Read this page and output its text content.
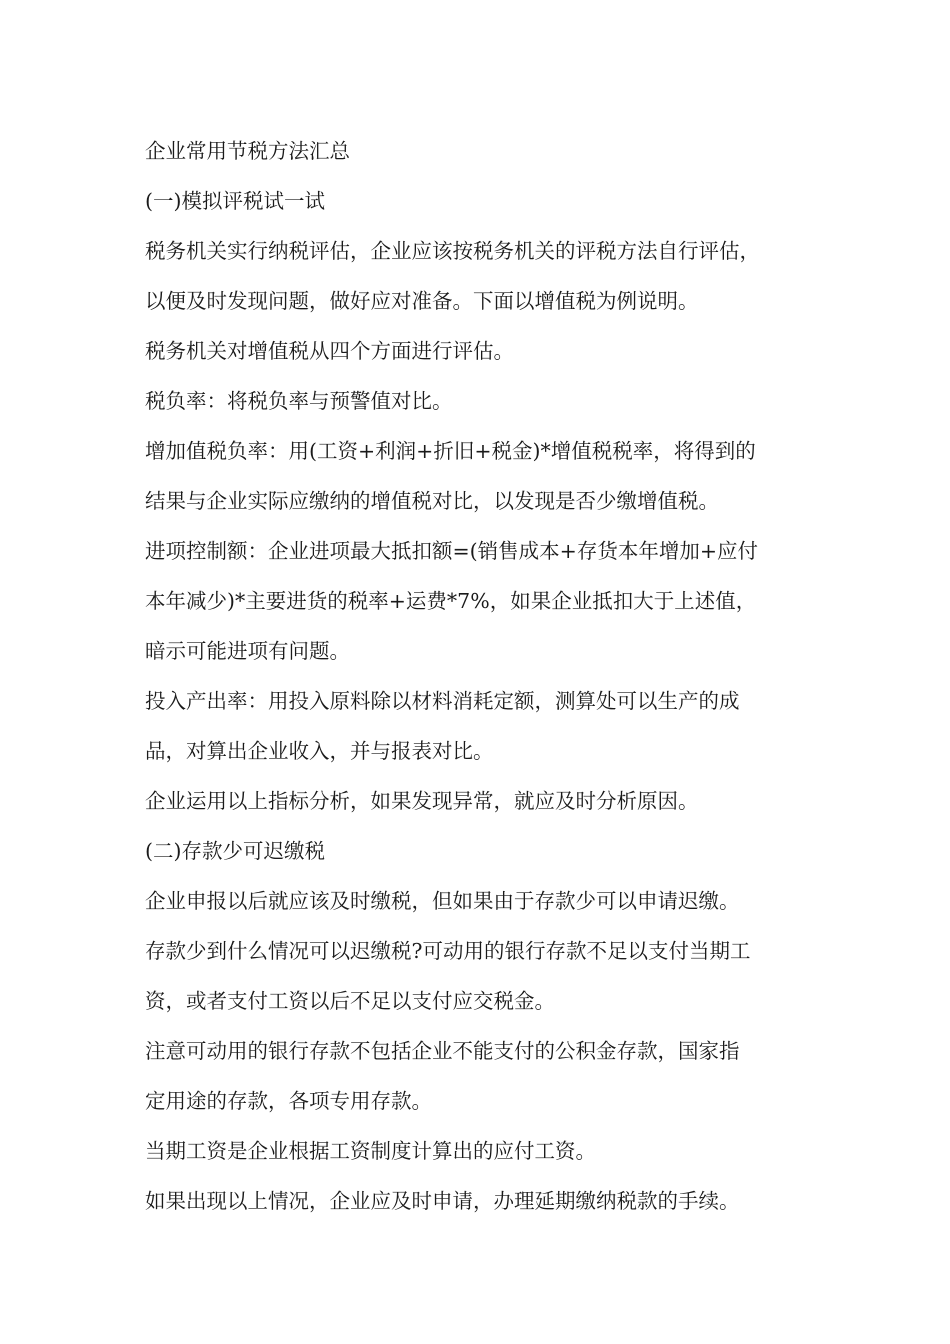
企业常用节税方法汇总
(一)模拟评税试一试
税务机关实行纳税评估，企业应该按税务机关的评税方法自行评估，
以便及时发现问题，做好应对准备。下面以增值税为例说明。
税务机关对增值税从四个方面进行评估。
税负率：将税负率与预警值对比。
增加值税负率：用(工资+利润+折旧+税金)*增值税税率，将得到的
结果与企业实际应缴纳的增值税对比，以发现是否少缴增值税。
进项控制额：企业进项最大抵扣额=(销售成本+存货本年增加+应付
本年减少)*主要进货的税率+运费*7%，如果企业抵扣大于上述值，
暗示可能进项有问题。
投入产出率：用投入原料除以材料消耗定额，测算处可以生产的成
品，对算出企业收入，并与报表对比。
企业运用以上指标分析，如果发现异常，就应及时分析原因。
(二)存款少可迟缴税
企业申报以后就应该及时缴税，但如果由于存款少可以申请迟缴。
存款少到什么情况可以迟缴税?可动用的银行存款不足以支付当期工
资，或者支付工资以后不足以支付应交税金。
注意可动用的银行存款不包括企业不能支付的公积金存款，国家指
定用途的存款，各项专用存款。
当期工资是企业根据工资制度计算出的应付工资。
如果出现以上情况，企业应及时申请，办理延期缴纳税款的手续。
